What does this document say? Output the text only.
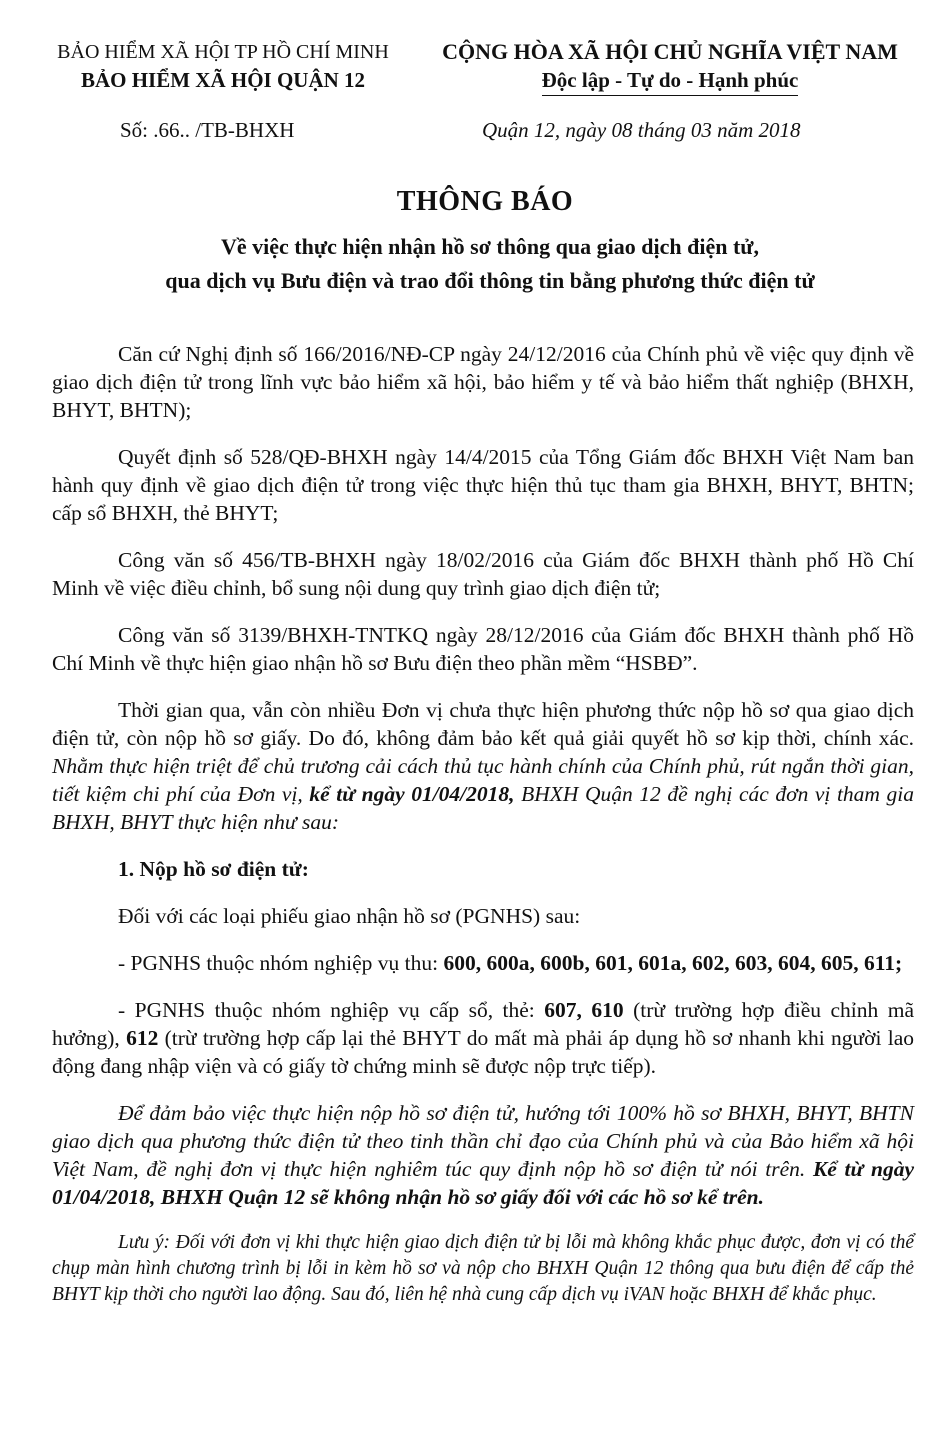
BẢO HIỂM XÃ HỘI TP HỒ CHÍ MINH
BẢO HIỂM XÃ HỘI QUẬN 12
CỘNG HÒA XÃ HỘI CHỦ NGHĨA VIỆT NAM
Độc lập - Tự do - Hạnh phúc
Số: .66.. /TB-BHXH	Quận 12, ngày 08 tháng 03 năm 2018
THÔNG BÁO
Về việc thực hiện nhận hồ sơ thông qua giao dịch điện tử,
qua dịch vụ Bưu điện và trao đổi thông tin bằng phương thức điện tử

Căn cứ Nghị định số 166/2016/NĐ-CP ngày 24/12/2016 của Chính phủ về việc quy định về giao dịch điện tử trong lĩnh vực bảo hiểm xã hội, bảo hiểm y tế và bảo hiểm thất nghiệp (BHXH, BHYT, BHTN);

Quyết định số 528/QĐ-BHXH ngày 14/4/2015 của Tổng Giám đốc BHXH Việt Nam ban hành quy định về giao dịch điện tử trong việc thực hiện thủ tục tham gia BHXH, BHYT, BHTN; cấp sổ BHXH, thẻ BHYT;

Công văn số 456/TB-BHXH ngày 18/02/2016 của Giám đốc BHXH thành phố Hồ Chí Minh về việc điều chỉnh, bổ sung nội dung quy trình giao dịch điện tử;

Công văn số 3139/BHXH-TNTKQ ngày 28/12/2016 của Giám đốc BHXH thành phố Hồ Chí Minh về thực hiện giao nhận hồ sơ Bưu điện theo phần mềm “HSBĐ”.

Thời gian qua, vẫn còn nhiều Đơn vị chưa thực hiện phương thức nộp hồ sơ qua giao dịch điện tử, còn nộp hồ sơ giấy. Do đó, không đảm bảo kết quả giải quyết hồ sơ kịp thời, chính xác. Nhằm thực hiện triệt để chủ trương cải cách thủ tục hành chính của Chính phủ, rút ngắn thời gian, tiết kiệm chi phí của Đơn vị, kể từ ngày 01/04/2018, BHXH Quận 12 đề nghị các đơn vị tham gia BHXH, BHYT thực hiện như sau:

1. Nộp hồ sơ điện tử:

Đối với các loại phiếu giao nhận hồ sơ (PGNHS) sau:

- PGNHS thuộc nhóm nghiệp vụ thu: 600, 600a, 600b, 601, 601a, 602, 603, 604, 605, 611;

- PGNHS thuộc nhóm nghiệp vụ cấp sổ, thẻ: 607, 610 (trừ trường hợp điều chỉnh mã hưởng), 612 (trừ trường hợp cấp lại thẻ BHYT do mất mà phải áp dụng hồ sơ nhanh khi người lao động đang nhập viện và có giấy tờ chứng minh sẽ được nộp trực tiếp).

Để đảm bảo việc thực hiện nộp hồ sơ điện tử, hướng tới 100% hồ sơ BHXH, BHYT, BHTN giao dịch qua phương thức điện tử theo tinh thần chỉ đạo của Chính phủ và của Bảo hiểm xã hội Việt Nam, đề nghị đơn vị thực hiện nghiêm túc quy định nộp hồ sơ điện tử nói trên. Kể từ ngày 01/04/2018, BHXH Quận 12 sẽ không nhận hồ sơ giấy đối với các hồ sơ kể trên.

Lưu ý: Đối với đơn vị khi thực hiện giao dịch điện tử bị lỗi mà không khắc phục được, đơn vị có thể chụp màn hình chương trình bị lỗi in kèm hồ sơ và nộp cho BHXH Quận 12 thông qua bưu điện để cấp thẻ BHYT kịp thời cho người lao động. Sau đó, liên hệ nhà cung cấp dịch vụ iVAN hoặc BHXH để khắc phục.
